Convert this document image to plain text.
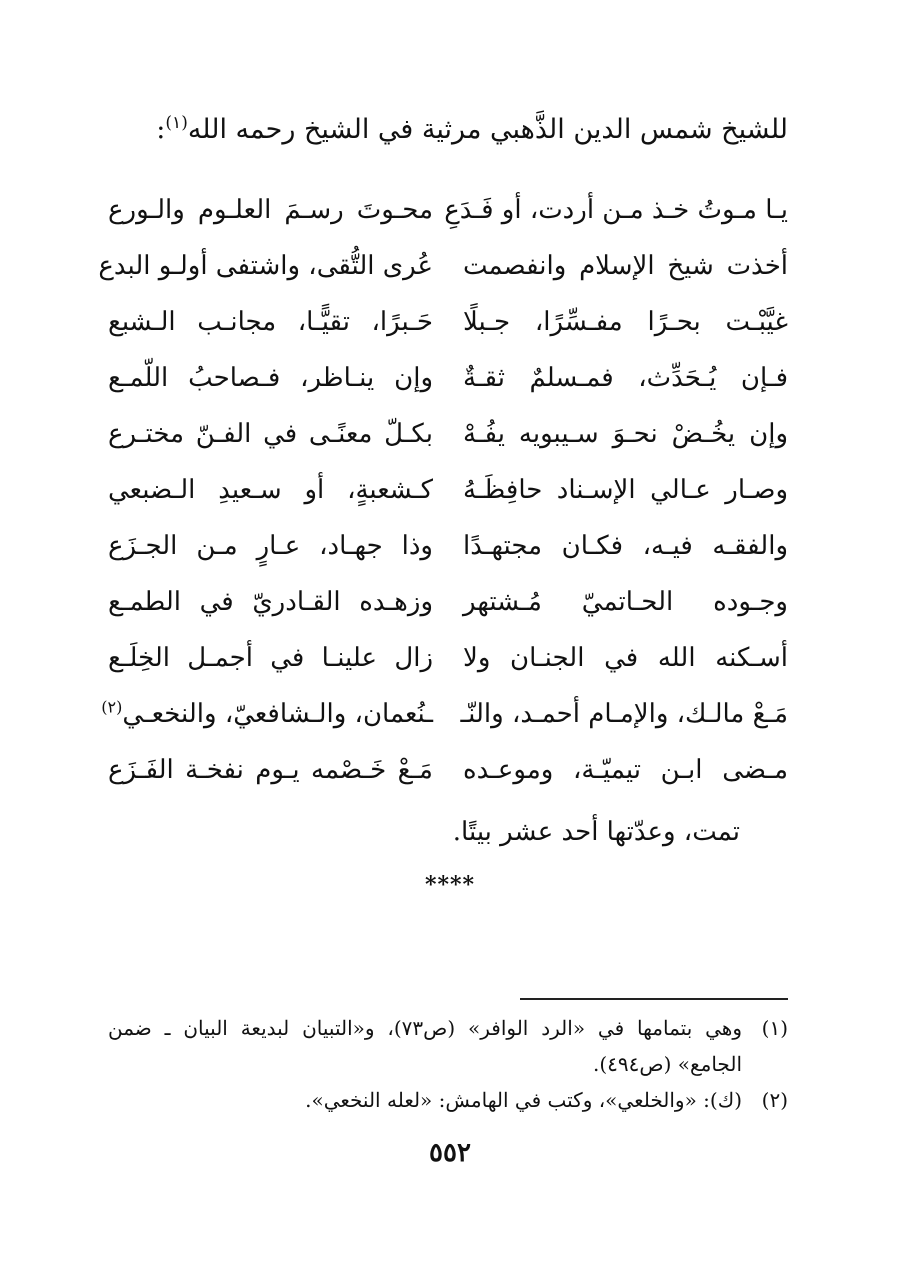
للشيخ شمس الدين الذَّهبي مرثية في الشيخ رحمه الله$^{(١)}$:
يـا مـوتُ خـذ مـن أردت، أو فَـدَعِ
محـوتَ رسـمَ العلـوم والـورع
أخذت شيخ الإسلام وانفصمت
عُرى التُّقى، واشتفى أولـو البدع
غيَّبْـت بحـرًا مفـسِّرًا، جـبلًا
حَـبرًا، تقيًّـا، مجانـب الـشبع
فـإن يُـحَدِّث، فمـسلمٌ ثقـةٌ
وإن ينـاظر، فـصاحبُ اللّمـع
وإن يخُـضْ نحـوَ سـيبويه يفُـهْ
بكـلّ معنًـى في الفـنّ مختـرع
وصـار عـالي الإسـناد حافِظَـهُ
كـشعبةٍ، أو سـعيدِ الـضبعي
والفقـه فيـه، فكـان مجتهـدًا
وذا جهـاد، عـارٍ مـن الجـزَع
وجـوده الحـاتميّ مُـشتهر
وزهـده القـادريّ في الطمـع
أسـكنه الله في الجنـان ولا
زال علينـا في أجمـل الخِلَـع
مَـعْ مالـك، والإمـام أحمـد، والنّـ
ـنُعمان، والـشافعيّ، والنخعـي$^{(٢)}$
مـضى ابـن تيميّـة، وموعـده
مَـعْ خَـصْمه يـوم نفخـة الفَـزَع
تمت، وعدّتها أحد عشر بيتًا.
****
(١)
وهي بتمامها في «الرد الوافر» (ص٧٣)، و«التبيان لبديعة البيان ـ ضمن الجامع» (ص٤٩٤).
(٢)
(ك): «والخلعي»، وكتب في الهامش: «لعله النخعي».
٥٥٢
